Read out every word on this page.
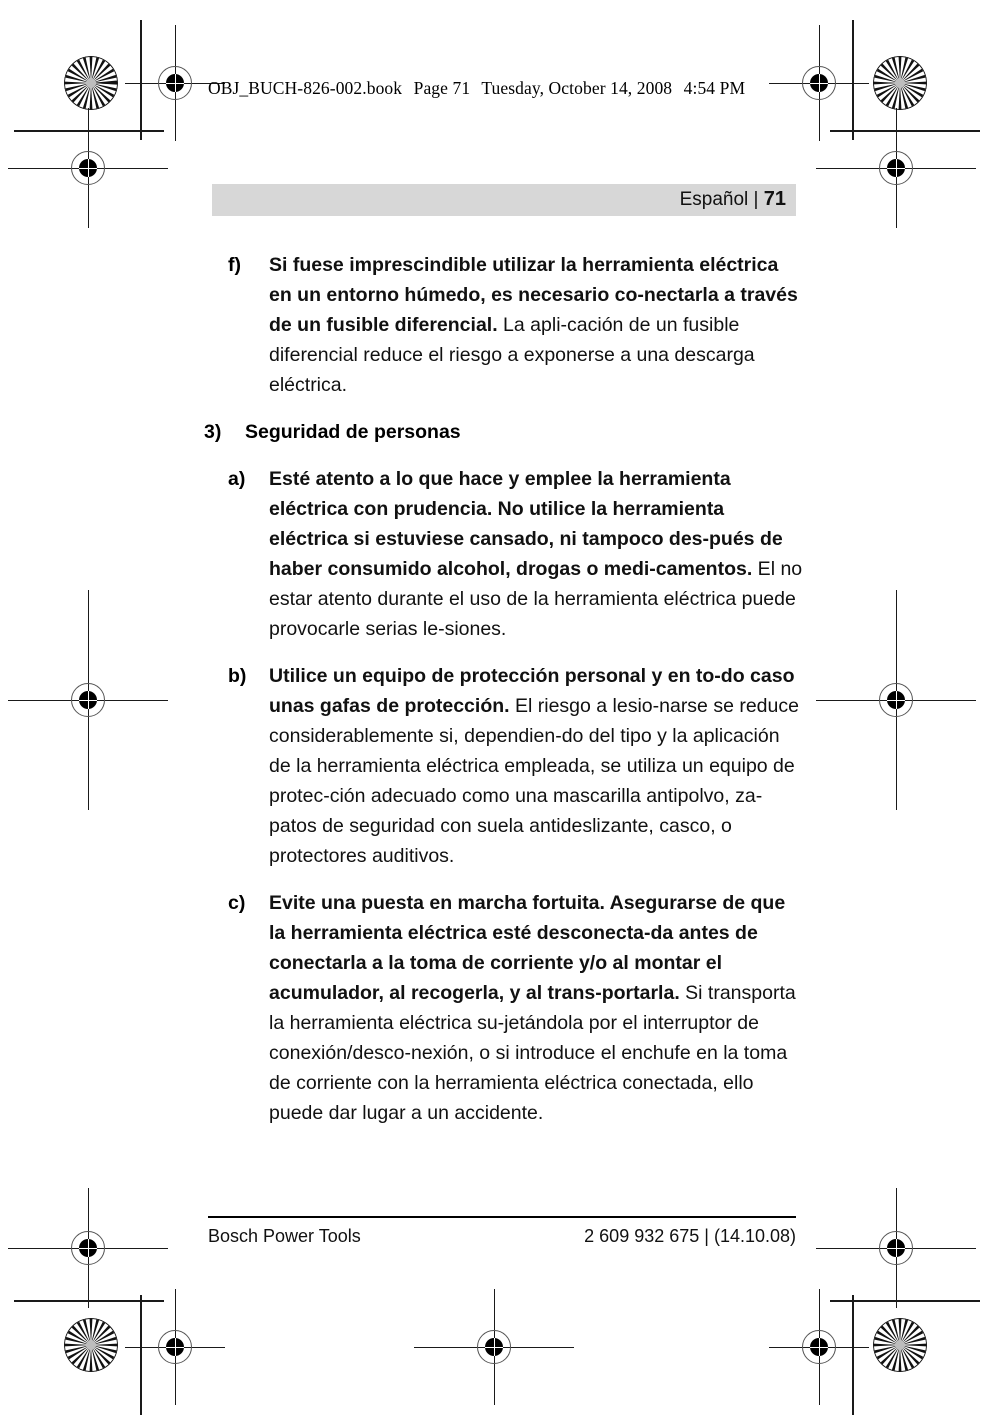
OBJ_BUCH-826-002.book Page 71 Tuesday, October 14, 2008 4:54 PM
Español | 71
f)	Si fuese imprescindible utilizar la herramienta eléctrica en un entorno húmedo, es necesario co-nectarla a través de un fusible diferencial. La apli-cación de un fusible diferencial reduce el riesgo a exponerse a una descarga eléctrica.
3)	Seguridad de personas
a)	Esté atento a lo que hace y emplee la herramienta eléctrica con prudencia. No utilice la herramienta eléctrica si estuviese cansado, ni tampoco des-pués de haber consumido alcohol, drogas o medi-camentos. El no estar atento durante el uso de la herramienta eléctrica puede provocarle serias le-siones.
b)	Utilice un equipo de protección personal y en to-do caso unas gafas de protección. El riesgo a lesio-narse se reduce considerablemente si, dependien-do del tipo y la aplicación de la herramienta eléctrica empleada, se utiliza un equipo de protec-ción adecuado como una mascarilla antipolvo, za-patos de seguridad con suela antideslizante, casco, o protectores auditivos.
c)	Evite una puesta en marcha fortuita. Asegurarse de que la herramienta eléctrica esté desconecta-da antes de conectarla a la toma de corriente y/o al montar el acumulador, al recogerla, y al trans-portarla. Si transporta la herramienta eléctrica su-jetándola por el interruptor de conexión/desco-nexión, o si introduce el enchufe en la toma de corriente con la herramienta eléctrica conectada, ello puede dar lugar a un accidente.
Bosch Power Tools	2 609 932 675 | (14.10.08)
